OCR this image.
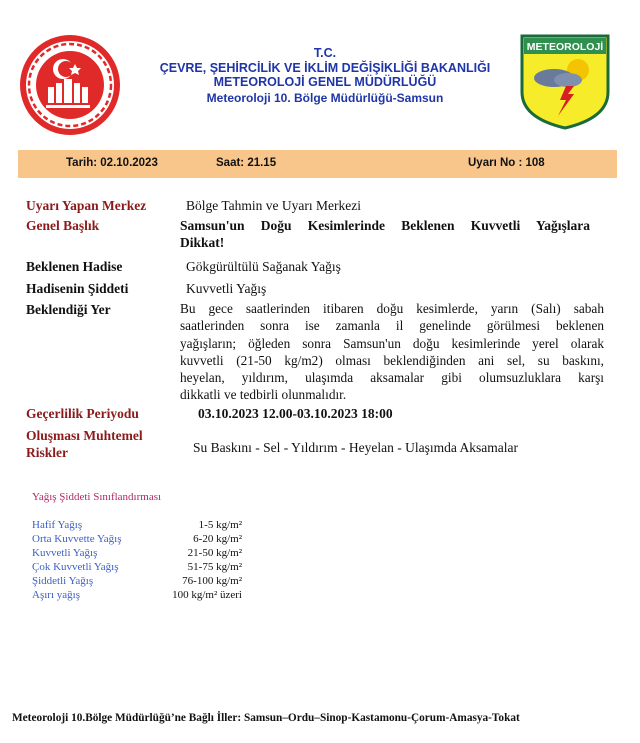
T.C.
ÇEVRE, ŞEHİRCİLİK VE İKLİM DEĞİŞİKLİĞİ BAKANLIĞI
METEOROLOJİ GENEL MÜDÜRLÜĞÜ
Meteoroloji 10. Bölge Müdürlüğü-Samsun
METEOROLOJİ
Tarih: 02.10.2023	Saat: 21.15	Uyarı No : 108
Uyarı Yapan Merkez	Bölge Tahmin ve Uyarı Merkezi
Genel Başlık	Samsun'un Doğu Kesimlerinde Beklenen Kuvvetli Yağışlara
Dikkat!
Beklenen Hadise	Gökgürültülü Sağanak Yağış
Hadisenin Şiddeti	Kuvvetli Yağış
Beklendiği Yer	Bu gece saatlerinden itibaren doğu kesimlerde, yarın (Salı) sabah
saatlerinden sonra ise zamanla il genelinde görülmesi beklenen
yağışların; öğleden sonra Samsun'un doğu kesimlerinde yerel olarak
kuvvetli (21-50 kg/m2) olması beklendiğinden ani sel, su baskını,
heyelan, yıldırım, ulaşımda aksamalar gibi olumsuzluklara karşı
dikkatli ve tedbirli olunmalıdır.
Geçerlilik Periyodu	03.10.2023 12.00-03.10.2023 18:00
Oluşması Muhtemel
Riskler	Su Baskını - Sel - Yıldırım - Heyelan - Ulaşımda Aksamalar
Yağış Şiddeti Sınıflandırması
Hafif Yağış	1-5 kg/m²
Orta Kuvvette Yağış	6-20 kg/m²
Kuvvetli Yağış	21-50 kg/m²
Çok Kuvvetli Yağış	51-75 kg/m²
Şiddetli Yağış	76-100 kg/m²
Aşırı yağış	100 kg/m² üzeri
Meteoroloji 10.Bölge Müdürlüğü’ne Bağlı İller: Samsun–Ordu–Sinop-Kastamonu-Çorum-Amasya-Tokat
